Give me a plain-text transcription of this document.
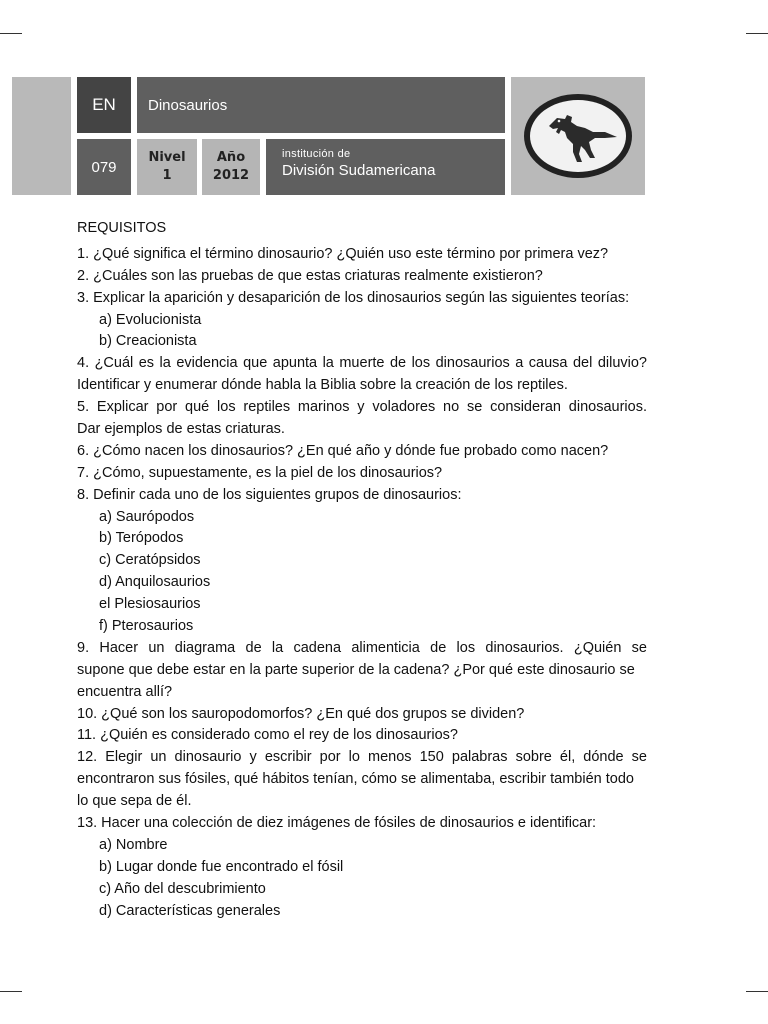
EN	Dinosaurios
079
Nivel
1
Año
2012
institución de
División Sudamericana
REQUISITOS
1. ¿Qué significa el término dinosaurio? ¿Quién uso este término por primera vez?
2. ¿Cuáles son las pruebas de que estas criaturas realmente existieron?
3. Explicar la aparición y desaparición de los dinosaurios según las siguientes teorías:
a) Evolucionista
b) Creacionista
4. ¿Cuál es la evidencia que apunta la muerte de los dinosaurios a causa del diluvio?
Identificar y enumerar dónde habla la Biblia sobre la creación de los reptiles.
5. Explicar por qué los reptiles marinos y voladores no se consideran dinosaurios.
Dar ejemplos de estas criaturas.
6. ¿Cómo nacen los dinosaurios? ¿En qué año y dónde fue probado como nacen?
7. ¿Cómo, supuestamente, es la piel de los dinosaurios?
8. Definir cada uno de los siguientes grupos de dinosaurios:
a) Saurópodos
b) Terópodos
c) Ceratópsidos
d) Anquilosaurios
el Plesiosaurios
f) Pterosaurios
9. Hacer un diagrama de la cadena alimenticia de los dinosaurios. ¿Quién se
supone que debe estar en la parte superior de la cadena? ¿Por qué este dinosaurio se
encuentra allí?
10. ¿Qué son los sauropodomorfos? ¿En qué dos grupos se dividen?
11. ¿Quién es considerado como el rey de los dinosaurios?
12. Elegir un dinosaurio y escribir por lo menos 150 palabras sobre él, dónde se
encontraron sus fósiles, qué hábitos tenían, cómo se alimentaba, escribir también todo
lo que sepa de él.
13. Hacer una colección de diez imágenes de fósiles de dinosaurios e identificar:
a) Nombre
b) Lugar donde fue encontrado el fósil
c) Año del descubrimiento
d) Características generales
